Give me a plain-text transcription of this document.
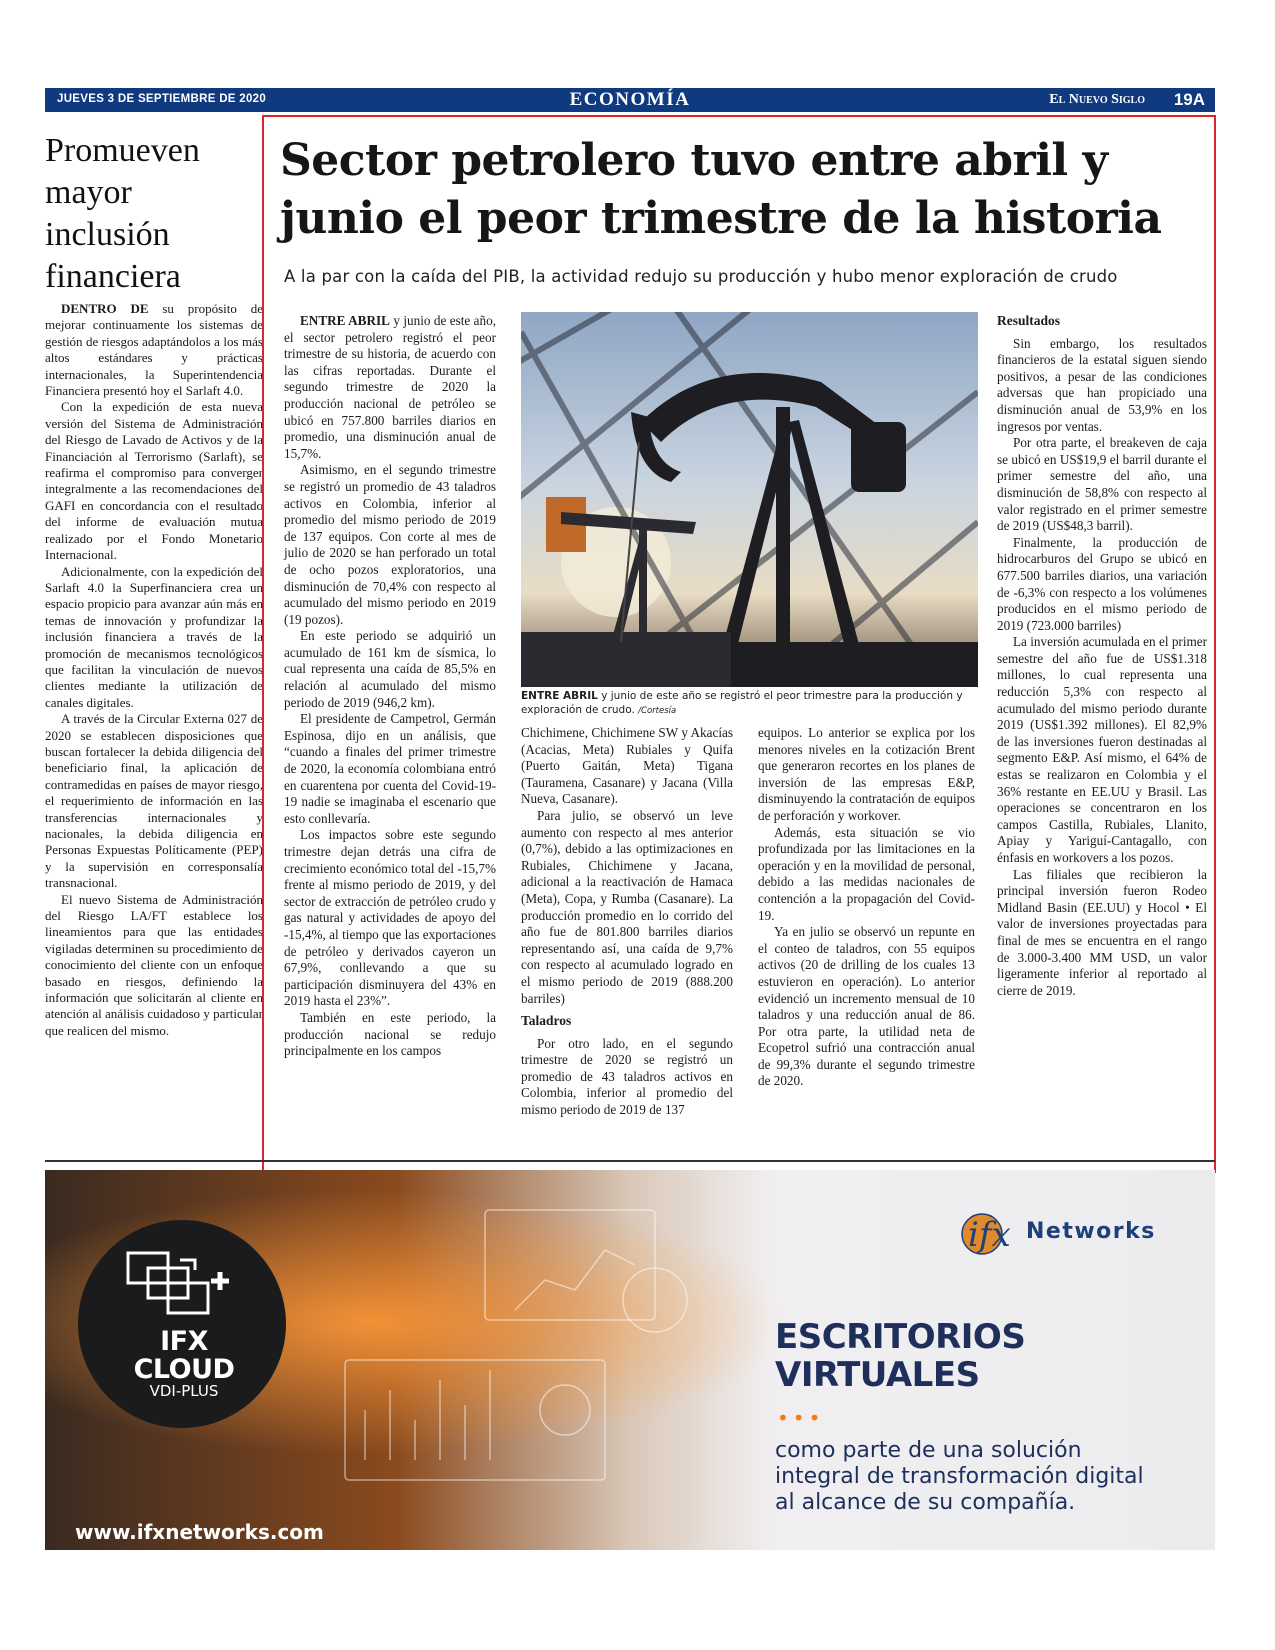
JUEVES 3 DE SEPTIEMBRE DE 2020	ECONOMÍA	El Nuevo Siglo 19A
Promueven mayor inclusión financiera

DENTRO DE su propósito de mejorar continuamente los sistemas de gestión de riesgos adaptándolos a los más altos estándares y prácticas internacionales, la Superintendencia Financiera presentó hoy el Sarlaft 4.0.

Con la expedición de esta nueva versión del Sistema de Administración del Riesgo de Lavado de Activos y de la Financiación al Terrorismo (Sarlaft), se reafirma el compromiso para converger integralmente a las recomendaciones del GAFI en concordancia con el resultado del informe de evaluación mutua realizado por el Fondo Monetario Internacional.

Adicionalmente, con la expedición del Sarlaft 4.0 la Superfinanciera crea un espacio propicio para avanzar aún más en temas de innovación y profundizar la inclusión financiera a través de la promoción de mecanismos tecnológicos que facilitan la vinculación de nuevos clientes mediante la utilización de canales digitales.

A través de la Circular Externa 027 de 2020 se establecen disposiciones que buscan fortalecer la debida diligencia del beneficiario final, la aplicación de contramedidas en países de mayor riesgo, el requerimiento de información en las transferencias internacionales y nacionales, la debida diligencia en Personas Expuestas Políticamente (PEP) y la supervisión en corresponsalía transnacional.

El nuevo Sistema de Administración del Riesgo LA/FT establece los lineamientos para que las entidades vigiladas determinen su procedimiento de conocimiento del cliente con un enfoque basado en riesgos, definiendo la información que solicitarán al cliente en atención al análisis cuidadoso y particular que realicen del mismo.

Sector petrolero tuvo entre abril y junio el peor trimestre de la historia
A la par con la caída del PIB, la actividad redujo su producción y hubo menor exploración de crudo

ENTRE ABRIL y junio de este año, el sector petrolero registró el peor trimestre de su historia, de acuerdo con las cifras reportadas. Durante el segundo trimestre de 2020 la producción nacional de petróleo se ubicó en 757.800 barriles diarios en promedio, una disminución anual de 15,7%.

Asimismo, en el segundo trimestre se registró un promedio de 43 taladros activos en Colombia, inferior al promedio del mismo periodo de 2019 de 137 equipos. Con corte al mes de julio de 2020 se han perforado un total de ocho pozos exploratorios, una disminución de 70,4% con respecto al acumulado del mismo periodo en 2019 (19 pozos).

En este periodo se adquirió un acumulado de 161 km de sísmica, lo cual representa una caída de 85,5% en relación al acumulado del mismo periodo de 2019 (946,2 km).

El presidente de Campetrol, Germán Espinosa, dijo en un análisis, que “cuando a finales del primer trimestre de 2020, la economía colombiana entró en cuarentena por cuenta del Covid-19-19 nadie se imaginaba el escenario que esto conllevaría.

Los impactos sobre este segundo trimestre dejan detrás una cifra de crecimiento económico total del -15,7% frente al mismo periodo de 2019, y del sector de extracción de petróleo crudo y gas natural y actividades de apoyo del -15,4%, al tiempo que las exportaciones de petróleo y derivados cayeron un 67,9%, conllevando a que su participación disminuyera del 43% en 2019 hasta el 23%”.

También en este periodo, la producción nacional se redujo principalmente en los campos

ENTRE ABRIL y junio de este año se registró el peor trimestre para la producción y exploración de crudo. /Cortesía

Chichimene, Chichimene SW y Akacías (Acacias, Meta) Rubiales y Quifa (Puerto Gaitán, Meta) Tigana (Tauramena, Casanare) y Jacana (Villa Nueva, Casanare).

Para julio, se observó un leve aumento con respecto al mes anterior (0,7%), debido a las optimizaciones en Rubiales, Chichimene y Jacana, adicional a la reactivación de Hamaca (Meta), Copa, y Rumba (Casanare). La producción promedio en lo corrido del año fue de 801.800 barriles diarios representando así, una caída de 9,7% con respecto al acumulado logrado en el mismo periodo de 2019 (888.200 barriles)

Taladros

Por otro lado, en el segundo trimestre de 2020 se registró un promedio de 43 taladros activos en Colombia, inferior al promedio del mismo periodo de 2019 de 137

equipos. Lo anterior se explica por los menores niveles en la cotización Brent que generaron recortes en los planes de inversión de las empresas E&P, disminuyendo la contratación de equipos de perforación y workover.

Además, esta situación se vio profundizada por las limitaciones en la operación y en la movilidad de personal, debido a las medidas nacionales de contención a la propagación del Covid-19.

Ya en julio se observó un repunte en el conteo de taladros, con 55 equipos activos (20 de drilling de los cuales 13 estuvieron en operación). Lo anterior evidenció un incremento mensual de 10 taladros y una reducción anual de 86. Por otra parte, la utilidad neta de Ecopetrol sufrió una contracción anual de 99,3% durante el segundo trimestre de 2020.

Resultados

Sin embargo, los resultados financieros de la estatal siguen siendo positivos, a pesar de las condiciones adversas que han propiciado una disminución anual de 53,9% en los ingresos por ventas.

Por otra parte, el breakeven de caja se ubicó en US$19,9 el barril durante el primer semestre del año, una disminución de 58,8% con respecto al valor registrado en el primer semestre de 2019 (US$48,3 barril).

Finalmente, la producción de hidrocarburos del Grupo se ubicó en 677.500 barriles diarios, una variación de -6,3% con respecto a los volúmenes producidos en el mismo periodo de 2019 (723.000 barriles)

La inversión acumulada en el primer semestre del año fue de US$1.318 millones, lo cual representa una reducción 5,3% con respecto al acumulado del mismo periodo durante 2019 (US$1.392 millones). El 82,9% de las inversiones fueron destinadas al segmento E&P. Así mismo, el 64% de estas se realizaron en Colombia y el 36% restante en EE.UU y Brasil. Las operaciones se concentraron en los campos Castilla, Rubiales, Llanito, Apiay y Yariguí-Cantagallo, con énfasis en workovers a los pozos.

Las filiales que recibieron la principal inversión fueron Rodeo Midland Basin (EE.UU) y Hocol • El valor de inversiones proyectadas para final de mes se encuentra en el rango de 3.000-3.400 MM USD, un valor ligeramente inferior al reportado al cierre de 2019.

IFX CLOUD
VDI-PLUS
ifx Networks
ESCRITORIOS
VIRTUALES
•••
como parte de una solución integral de transformación digital al alcance de su compañía.
www.ifxnetworks.com
